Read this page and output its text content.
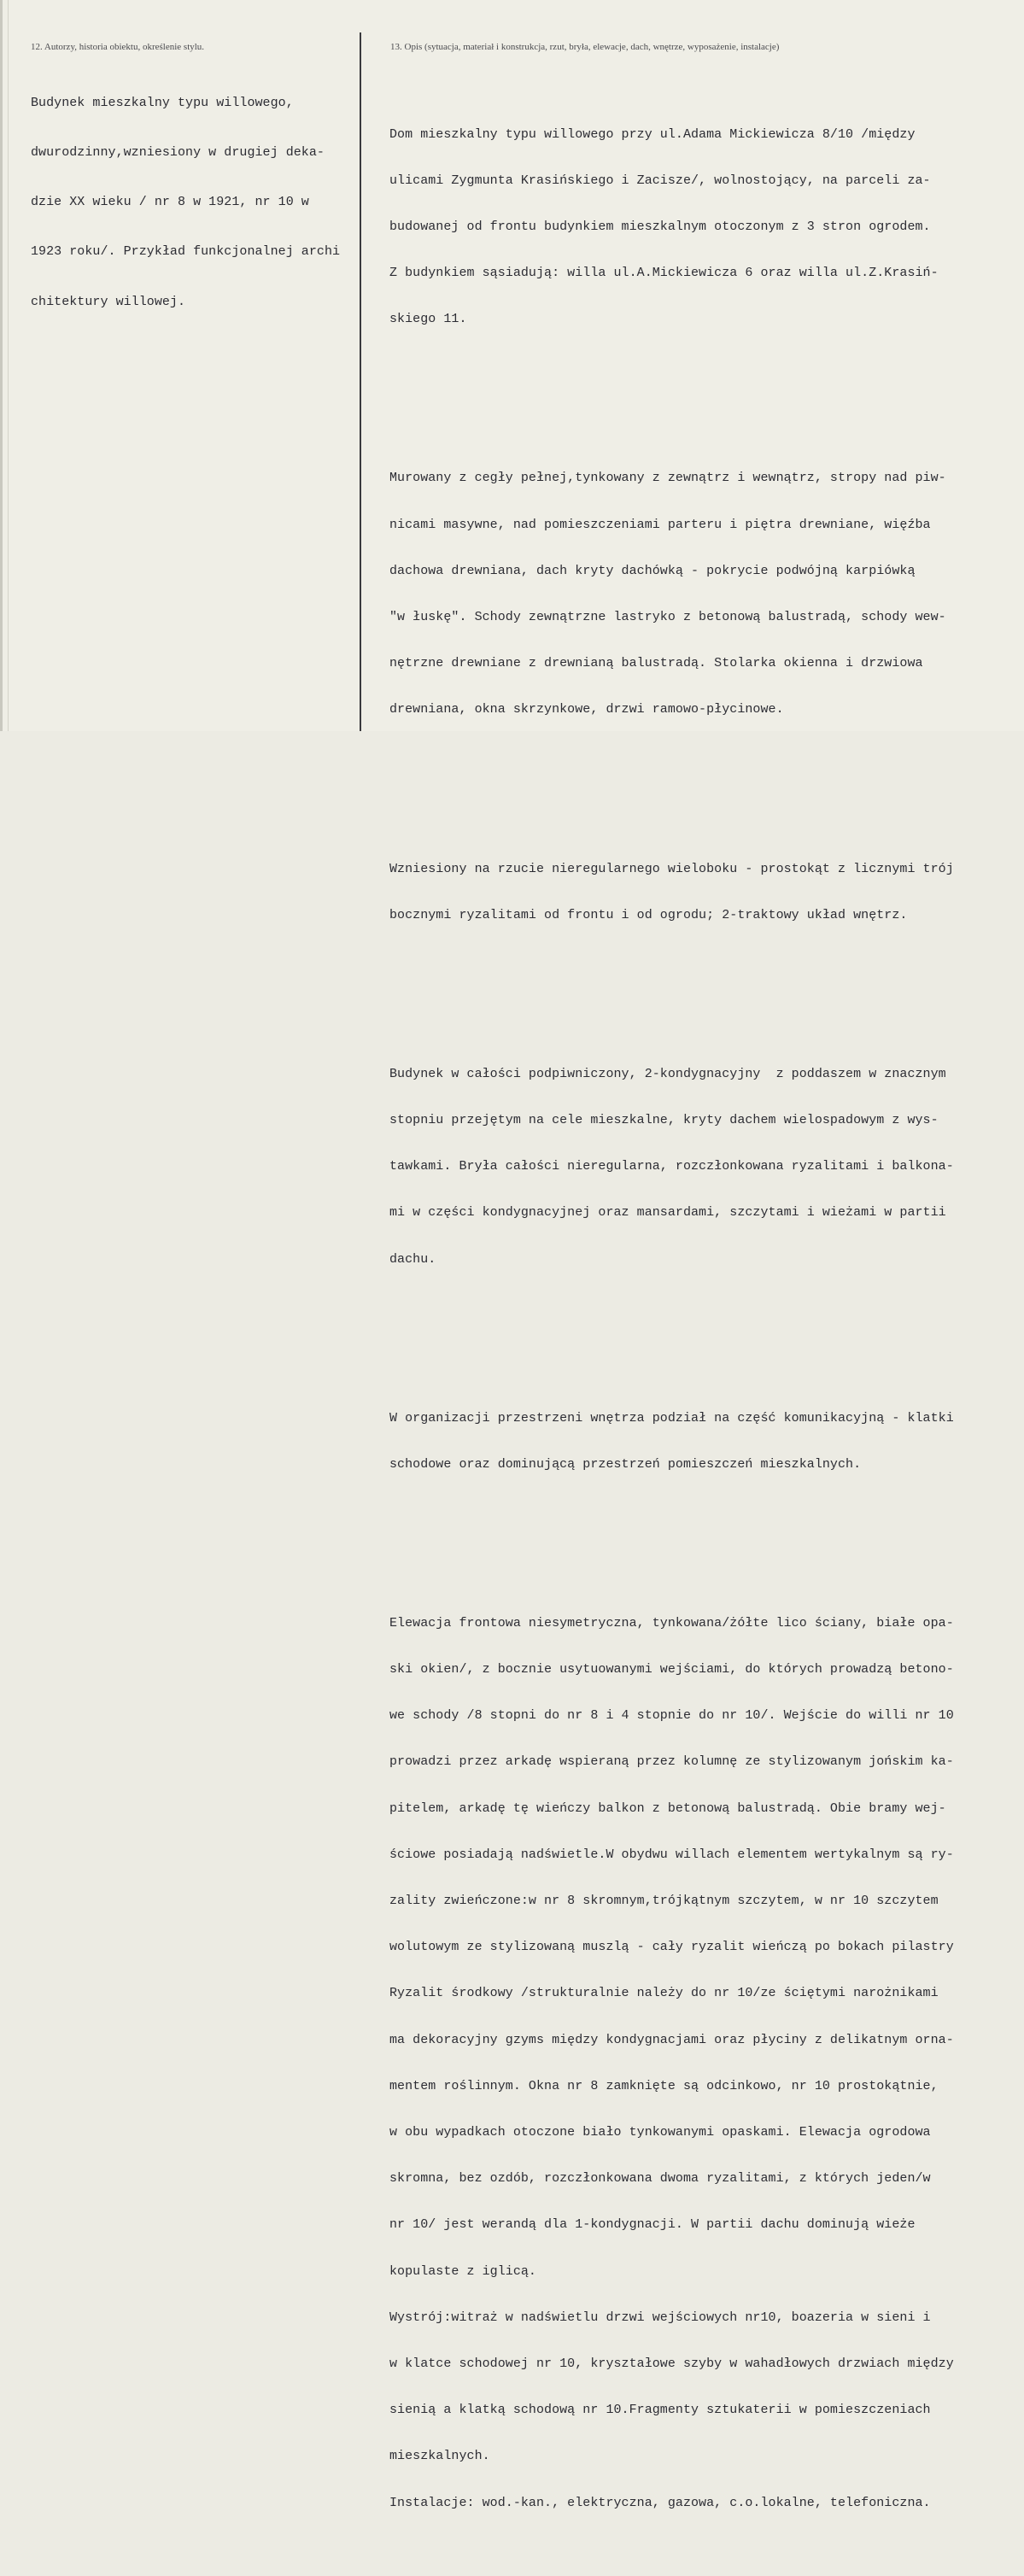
12. Autorzy, historia obiektu, określenie stylu.	13. Opis (sytuacja, materiał i konstrukcja, rzut, bryła, elewacje, dach, wnętrze, wyposażenie, instalacje)

Budynek mieszkalny typu willowego,

dwurodzinny,wzniesiony w drugiej deka-

dzie XX wieku / nr 8 w 1921, nr 10 w

1923 roku/. Przykład funkcjonalnej archi

chitektury willowej.

Dom mieszkalny typu willowego przy ul.Adama Mickiewicza 8/10 /między

ulicami Zygmunta Krasińskiego i Zacisze/, wolnostojący, na parceli za-

budowanej od frontu budynkiem mieszkalnym otoczonym z 3 stron ogrodem.

Z budynkiem sąsiadują: willa ul.A.Mickiewicza 6 oraz willa ul.Z.Krasiń-

skiego 11.

Murowany z cegły pełnej,tynkowany z zewnątrz i wewnątrz, stropy nad piw-

nicami masywne, nad pomieszczeniami parteru i piętra drewniane, więźba

dachowa drewniana, dach kryty dachówką - pokrycie podwójną karpiówką

"w łuskę". Schody zewnątrzne lastryko z betonową balustradą, schody wew-

nętrzne drewniane z drewnianą balustradą. Stolarka okienna i drzwiowa

drewniana, okna skrzynkowe, drzwi ramowo-płycinowe.

Wzniesiony na rzucie nieregularnego wieloboku - prostokąt z licznymi trój

bocznymi ryzalitami od frontu i od ogrodu; 2-traktowy układ wnętrz.

Budynek w całości podpiwniczony, 2-kondygnacyjny  z poddaszem w znacznym

stopniu przejętym na cele mieszkalne, kryty dachem wielospadowym z wys-

tawkami. Bryła całości nieregularna, rozczłonkowana ryzalitami i balkona-

mi w części kondygnacyjnej oraz mansardami, szczytami i wieżami w partii

dachu.

W organizacji przestrzeni wnętrza podział na część komunikacyjną - klatki

schodowe oraz dominującą przestrzeń pomieszczeń mieszkalnych.

Elewacja frontowa niesymetryczna, tynkowana/żółte lico ściany, białe opa-

ski okien/, z bocznie usytuowanymi wejściami, do których prowadzą betono-

we schody /8 stopni do nr 8 i 4 stopnie do nr 10/. Wejście do willi nr 10

prowadzi przez arkadę wspieraną przez kolumnę ze stylizowanym jońskim ka-

pitelem, arkadę tę wieńczy balkon z betonową balustradą. Obie bramy wej-

ściowe posiadają nadświetle.W obydwu willach elementem wertykalnym są ry-

zality zwieńczone:w nr 8 skromnym,trójkątnym szczytem, w nr 10 szczytem

wolutowym ze stylizowaną muszlą - cały ryzalit wieńczą po bokach pilastry

Ryzalit środkowy /strukturalnie należy do nr 10/ze ściętymi narożnikami

ma dekoracyjny gzyms między kondygnacjami oraz płyciny z delikatnym orna-

mentem roślinnym. Okna nr 8 zamknięte są odcinkowo, nr 10 prostokątnie,

w obu wypadkach otoczone biało tynkowanymi opaskami. Elewacja ogrodowa

skromna, bez ozdób, rozczłonkowana dwoma ryzalitami, z których jeden/w

nr 10/ jest werandą dla 1-kondygnacji. W partii dachu dominują wieże

kopulaste z iglicą.

Wystrój:witraż w nadświetlu drzwi wejściowych nr10, boazeria w sieni i

w klatce schodowej nr 10, kryształowe szyby w wahadłowych drzwiach między

sienią a klatką schodową nr 10.Fragmenty sztukaterii w pomieszczeniach

mieszkalnych.

Instalacje: wod.-kan., elektryczna, gazowa, c.o.lokalne, telefoniczna.
